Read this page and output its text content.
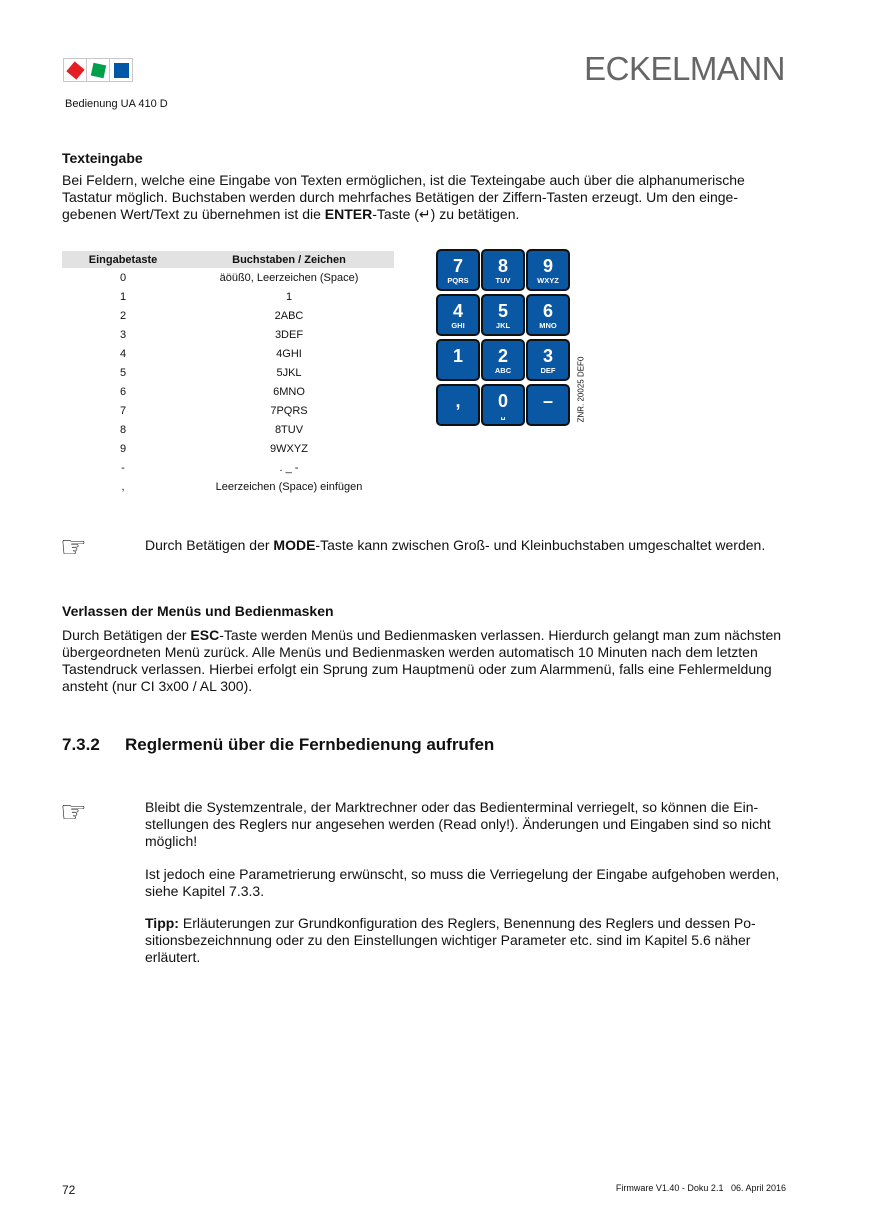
ECKELMANN
Bedienung UA 410 D
Texteingabe

Bei Feldern, welche eine Eingabe von Texten ermöglichen, ist die Texteingabe auch über die alphanumerische Tastatur möglich. Buchstaben werden durch mehrfaches Betätigen der Ziffern-Tasten erzeugt. Um den eingegebenen Wert/Text zu übernehmen ist die ENTER-Taste (↵) zu betätigen.

Eingabetaste	Buchstaben / Zeichen
0	äöüß0, Leerzeichen (Space)
1	1
2	2ABC
3	3DEF
4	4GHI
5	5JKL
6	6MNO
7	7PQRS
8	8TUV
9	9WXYZ
-	. _ -
,	Leerzeichen (Space) einfügen
7
PQRS
8
TUV
9
WXYZ
4
GHI
5
JKL
6
MNO
1	2
ABC
3
DEF
,	0
␣
–	ZNR. 20025 DEF0
☞	Durch Betätigen der MODE-Taste kann zwischen Groß- und Kleinbuchstaben umgeschaltet werden.

Verlassen der Menüs und Bedienmasken

Durch Betätigen der ESC-Taste werden Menüs und Bedienmasken verlassen. Hierdurch gelangt man zum nächsten übergeordneten Menü zurück. Alle Menüs und Bedienmasken werden automatisch 10 Minuten nach dem letzten Tastendruck verlassen. Hierbei erfolgt ein Sprung zum Hauptmenü oder zum Alarmmenü, falls eine Fehlermeldung ansteht (nur CI 3x00 / AL 300).

7.3.2 Reglermenü über die Fernbedienung aufrufen
☞	Bleibt die Systemzentrale, der Marktrechner oder das Bedienterminal verriegelt, so können die Einstellungen des Reglers nur angesehen werden (Read only!). Änderungen und Eingaben sind so nicht möglich!

Ist jedoch eine Parametrierung erwünscht, so muss die Verriegelung der Eingabe aufgehoben werden, siehe Kapitel 7.3.3.

Tipp: Erläuterungen zur Grundkonfiguration des Reglers, Benennung des Reglers und dessen Positionsbezeichnnung oder zu den Einstellungen wichtiger Parameter etc. sind im Kapitel 5.6 näher erläutert.

72	Firmware V1.40 - Doku 2.1   06. April 2016
